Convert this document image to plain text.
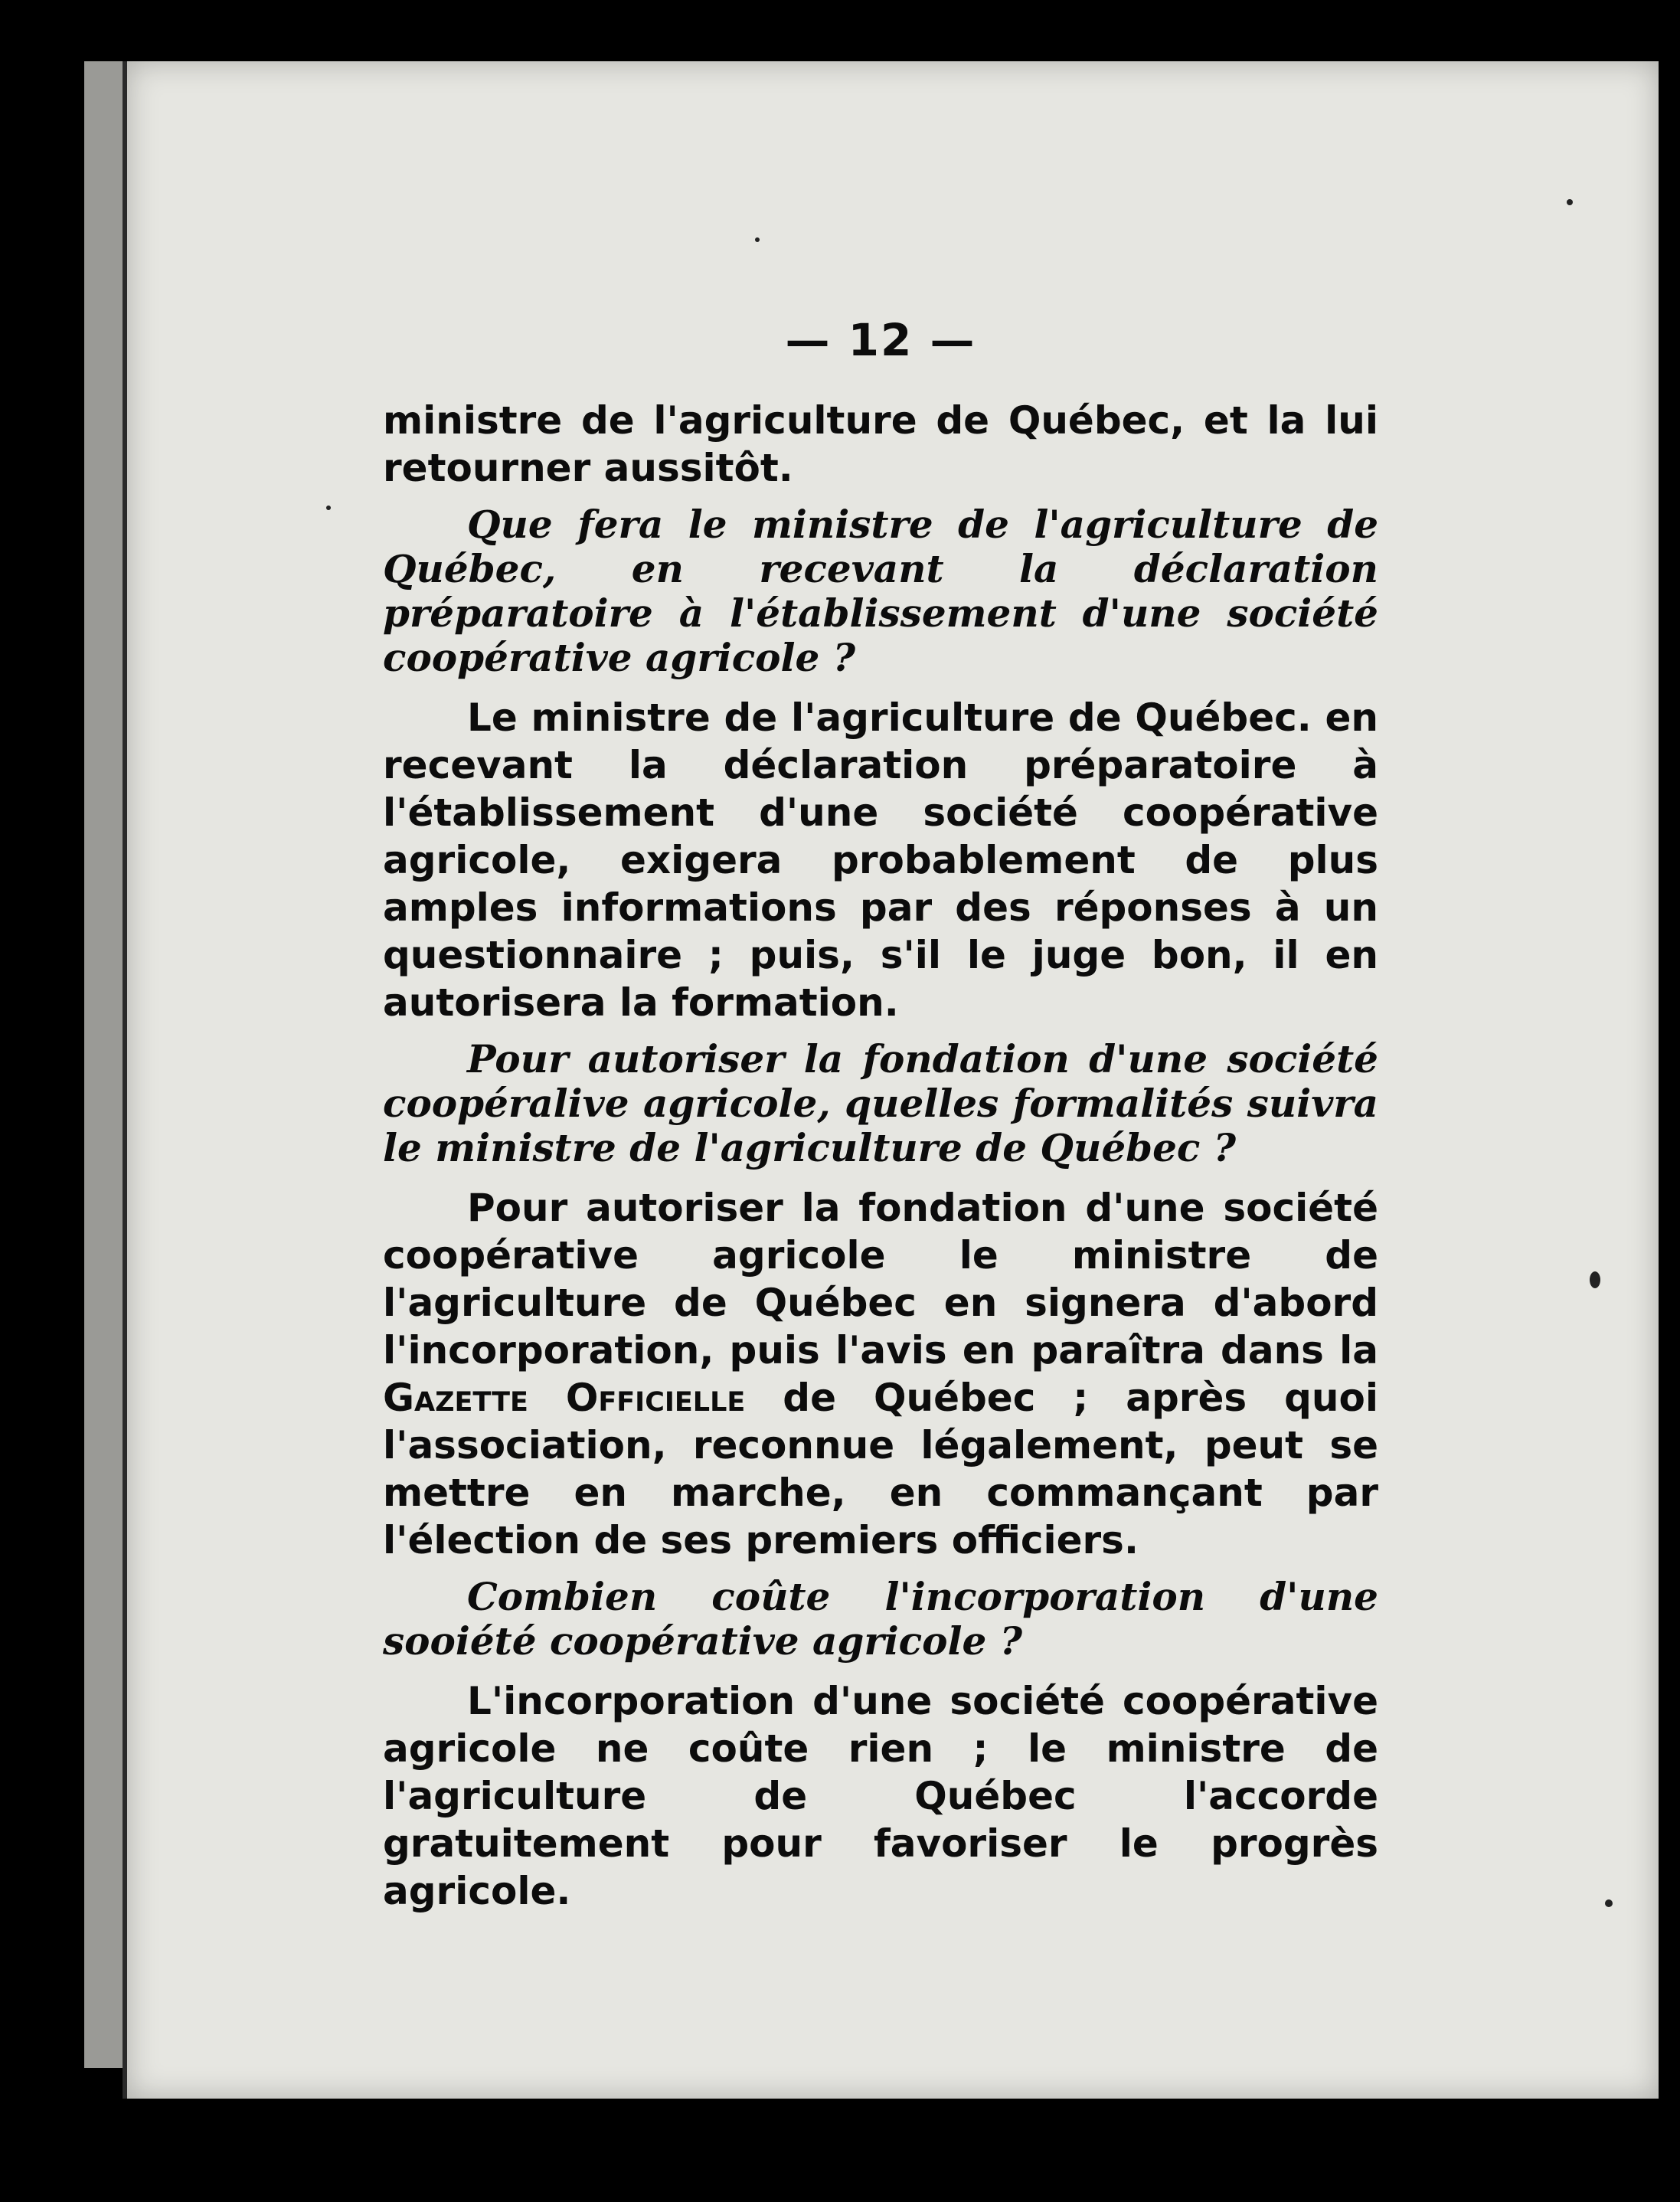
— 12 —

ministre de l'agriculture de Québec, et la lui retourner aussitôt.

Que fera le ministre de l'agriculture de Québec, en recevant la déclaration préparatoire à l'établissement d'une société coopérative agricole ?

Le ministre de l'agriculture de Québec. en recevant la déclaration préparatoire à l'établissement d'une société coopérative agricole, exigera probablement de plus amples informations par des réponses à un questionnaire ; puis, s'il le juge bon, il en autorisera la formation.

Pour autoriser la fondation d'une société coopéralive agricole, quelles formalités suivra le ministre de l'agriculture de Québec ?

Pour autoriser la fondation d'une société coopérative agricole le ministre de l'agriculture de Québec en signera d'abord l'incorporation, puis l'avis en paraîtra dans la Gazette Officielle de Québec ; après quoi l'association, reconnue légalement, peut se mettre en marche, en commançant par l'élection de ses premiers officiers.

Combien coûte l'incorporation d'une sooiété coopérative agricole ?

L'incorporation d'une société coopérative agricole ne coûte rien ; le ministre de l'agriculture de Québec l'accorde gratuitement pour favoriser le progrès agricole.
